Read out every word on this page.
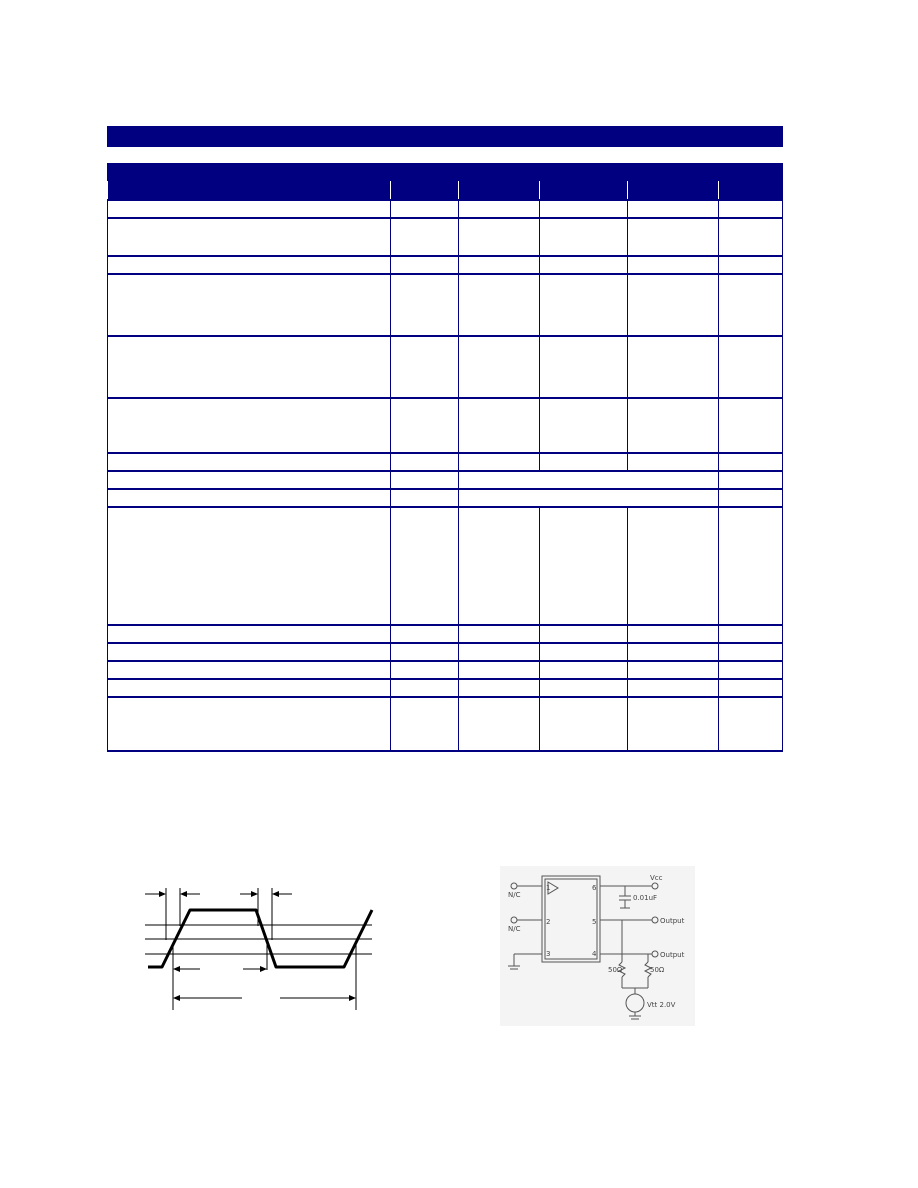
N/C
N/C
Vcc
0.01uF
Output
Output
50Ω	50Ω
Vtt 2.0V
1
2
3	4
5
6
